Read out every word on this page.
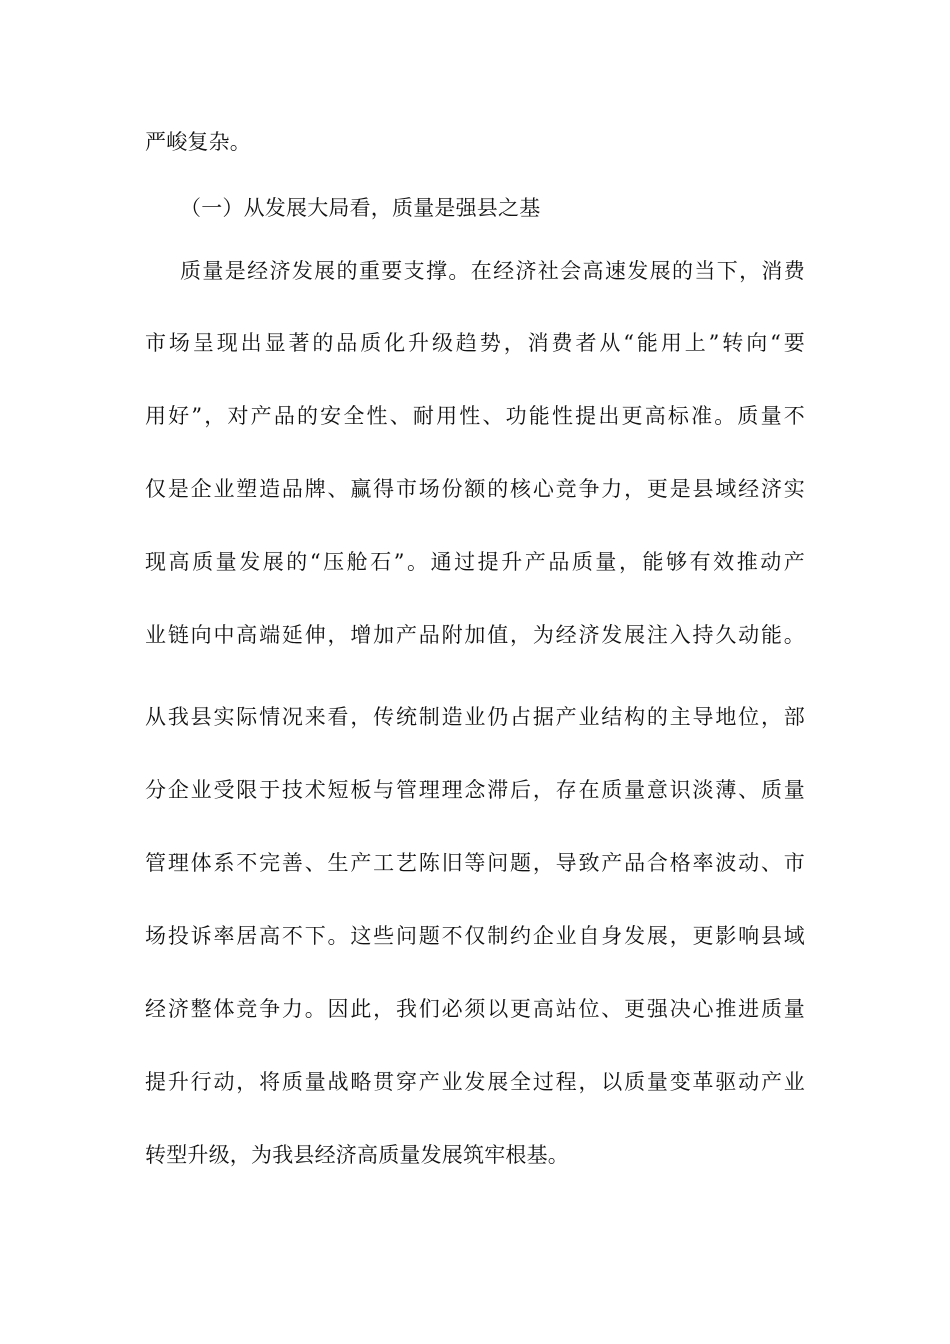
严峻复杂。
（一）从发展大局看，质量是强县之基
质量是经济发展的重要支撑。在经济社会高速发展的当下，消费
市场呈现出显著的品质化升级趋势，消费者从“能用上”转向“要
用好”，对产品的安全性、耐用性、功能性提出更高标准。质量不
仅是企业塑造品牌、赢得市场份额的核心竞争力，更是县域经济实
现高质量发展的“压舱石”。通过提升产品质量，能够有效推动产
业链向中高端延伸，增加产品附加值，为经济发展注入持久动能。
从我县实际情况来看，传统制造业仍占据产业结构的主导地位，部
分企业受限于技术短板与管理理念滞后，存在质量意识淡薄、质量
管理体系不完善、生产工艺陈旧等问题，导致产品合格率波动、市
场投诉率居高不下。这些问题不仅制约企业自身发展，更影响县域
经济整体竞争力。因此，我们必须以更高站位、更强决心推进质量
提升行动，将质量战略贯穿产业发展全过程，以质量变革驱动产业
转型升级，为我县经济高质量发展筑牢根基。
